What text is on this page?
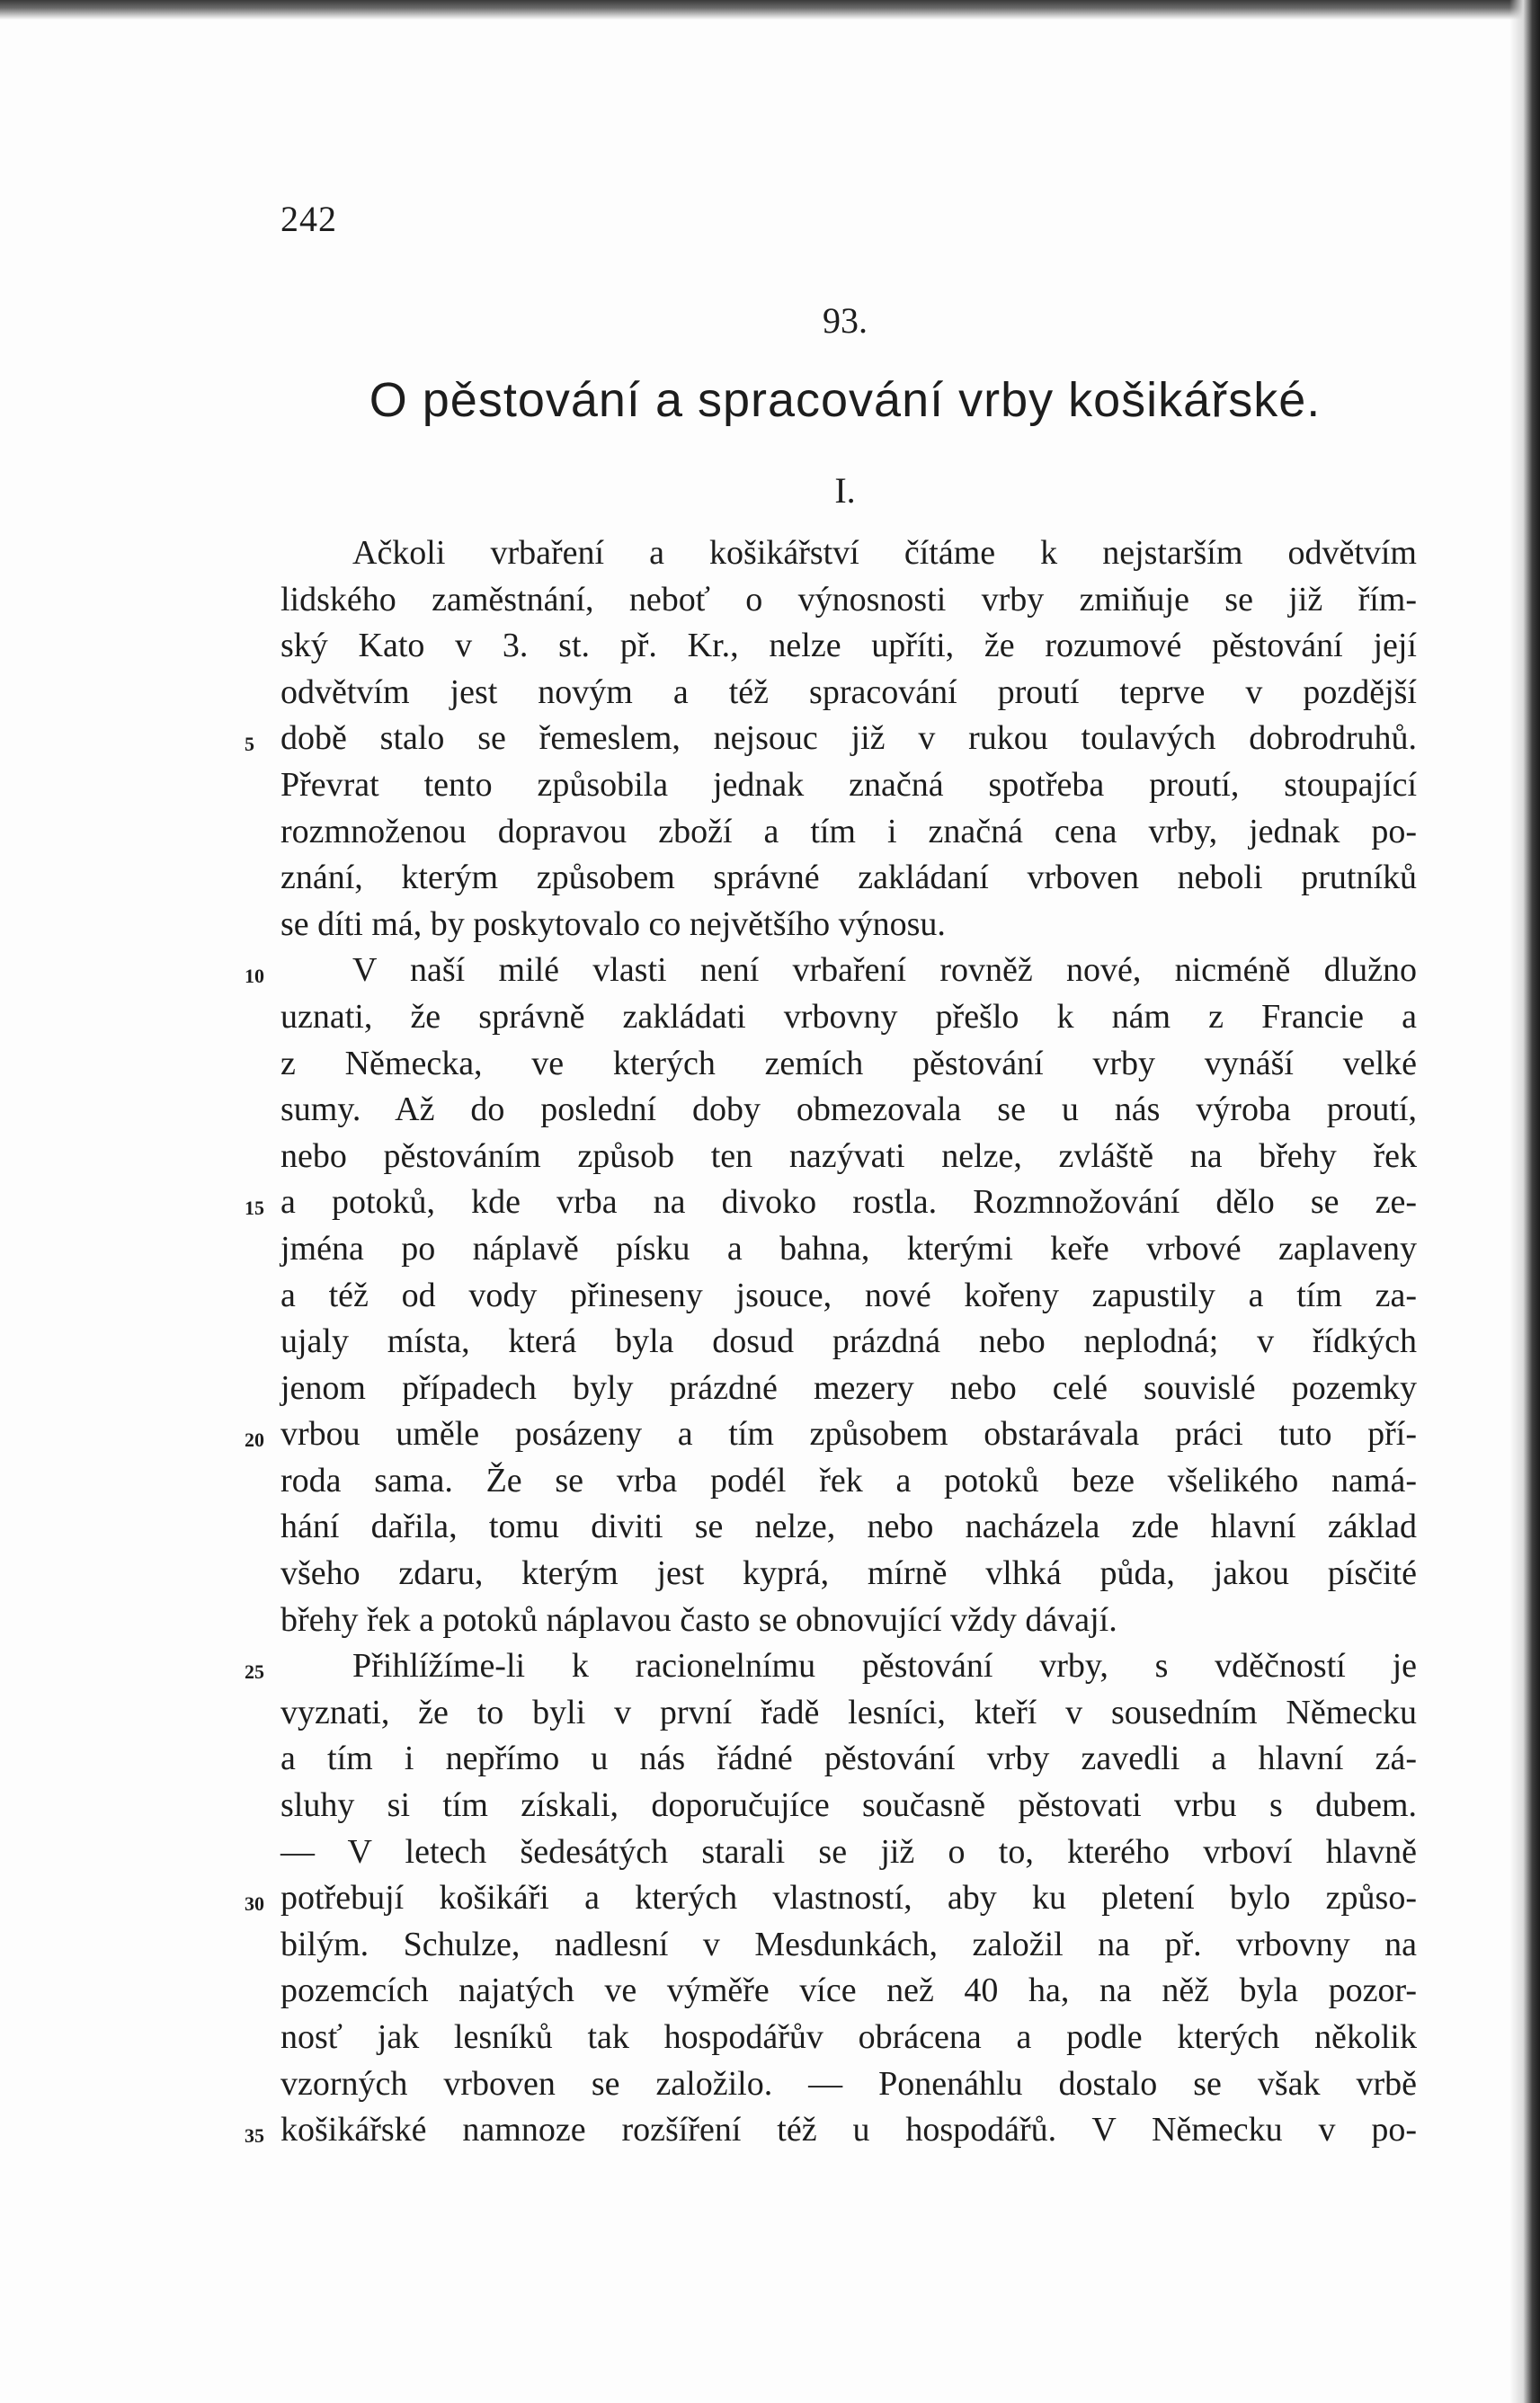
242
93.
O pěstování a spracování vrby košikářské.
I.
Ačkoli vrbaření a košikářství čítáme k nejstarším odvětvím
lidského zaměstnání, neboť o výnosnosti vrby zmiňuje se již řím-
ský Kato v 3. st. př. Kr., nelze upříti, že rozumové pěstování její
odvětvím jest novým a též spracování proutí teprve v pozdější
5 době stalo se řemeslem, nejsouc již v rukou toulavých dobrodruhů.
Převrat tento způsobila jednak značná spotřeba proutí, stoupající
rozmnoženou dopravou zboží a tím i značná cena vrby, jednak po-
znání, kterým způsobem správné zakládaní vrboven neboli prutníků
se díti má, by poskytovalo co největšího výnosu.
10	V naší milé vlasti není vrbaření rovněž nové, nicméně dlužno
uznati, že správně zakládati vrbovny přešlo k nám z Francie a
z Německa, ve kterých zemích pěstování vrby vynáší velké
sumy. Až do poslední doby obmezovala se u nás výroba proutí,
nebo pěstováním způsob ten nazývati nelze, zvláště na břehy řek
15 a potoků, kde vrba na divoko rostla. Rozmnožování dělo se ze-
jména po náplavě písku a bahna, kterými keře vrbové zaplaveny
a též od vody přineseny jsouce, nové kořeny zapustily a tím za-
ujaly místa, která byla dosud prázdná nebo neplodná; v řídkých
jenom případech byly prázdné mezery nebo celé souvislé pozemky
20 vrbou uměle posázeny a tím způsobem obstarávala práci tuto pří-
roda sama. Že se vrba podél řek a potoků beze všelikého namá-
hání dařila, tomu diviti se nelze, nebo nacházela zde hlavní základ
všeho zdaru, kterým jest kyprá, mírně vlhká půda, jakou písčité
břehy řek a potoků náplavou často se obnovující vždy dávají.
25	Přihlížíme-li k racionelnímu pěstování vrby, s vděčností je
vyznati, že to byli v první řadě lesníci, kteří v sousedním Německu
a tím i nepřímo u nás řádné pěstování vrby zavedli a hlavní zá-
sluhy si tím získali, doporučujíce současně pěstovati vrbu s dubem.
— V letech šedesátých starali se již o to, kterého vrboví hlavně
30 potřebují košikáři a kterých vlastností, aby ku pletení bylo způso-
bilým. Schulze, nadlesní v Mesdunkách, založil na př. vrbovny na
pozemcích najatých ve výměře více než 40 ha, na něž byla pozor-
nosť jak lesníků tak hospodářův obrácena a podle kterých několik
vzorných vrboven se založilo. — Ponenáhlu dostalo se však vrbě
35 košikářské namnoze rozšíření též u hospodářů. V Německu v po-
